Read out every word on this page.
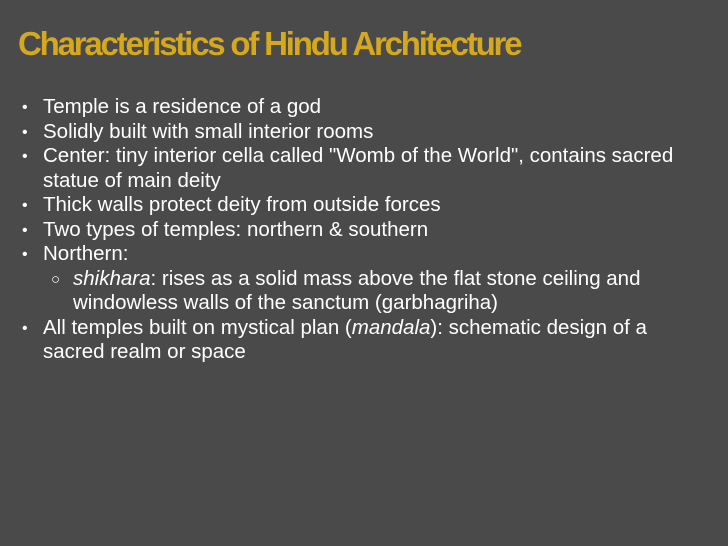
Characteristics of Hindu Architecture
• Temple is a residence of a god
• Solidly built with small interior rooms
• Center: tiny interior cella called "Womb of the World", contains sacred statue of main deity
• Thick walls protect deity from outside forces
• Two types of temples: northern & southern
• Northern:
○ shikhara: rises as a solid mass above the flat stone ceiling and windowless walls of the sanctum (garbhagriha)
• All temples built on mystical plan (mandala): schematic design of a sacred realm or space
